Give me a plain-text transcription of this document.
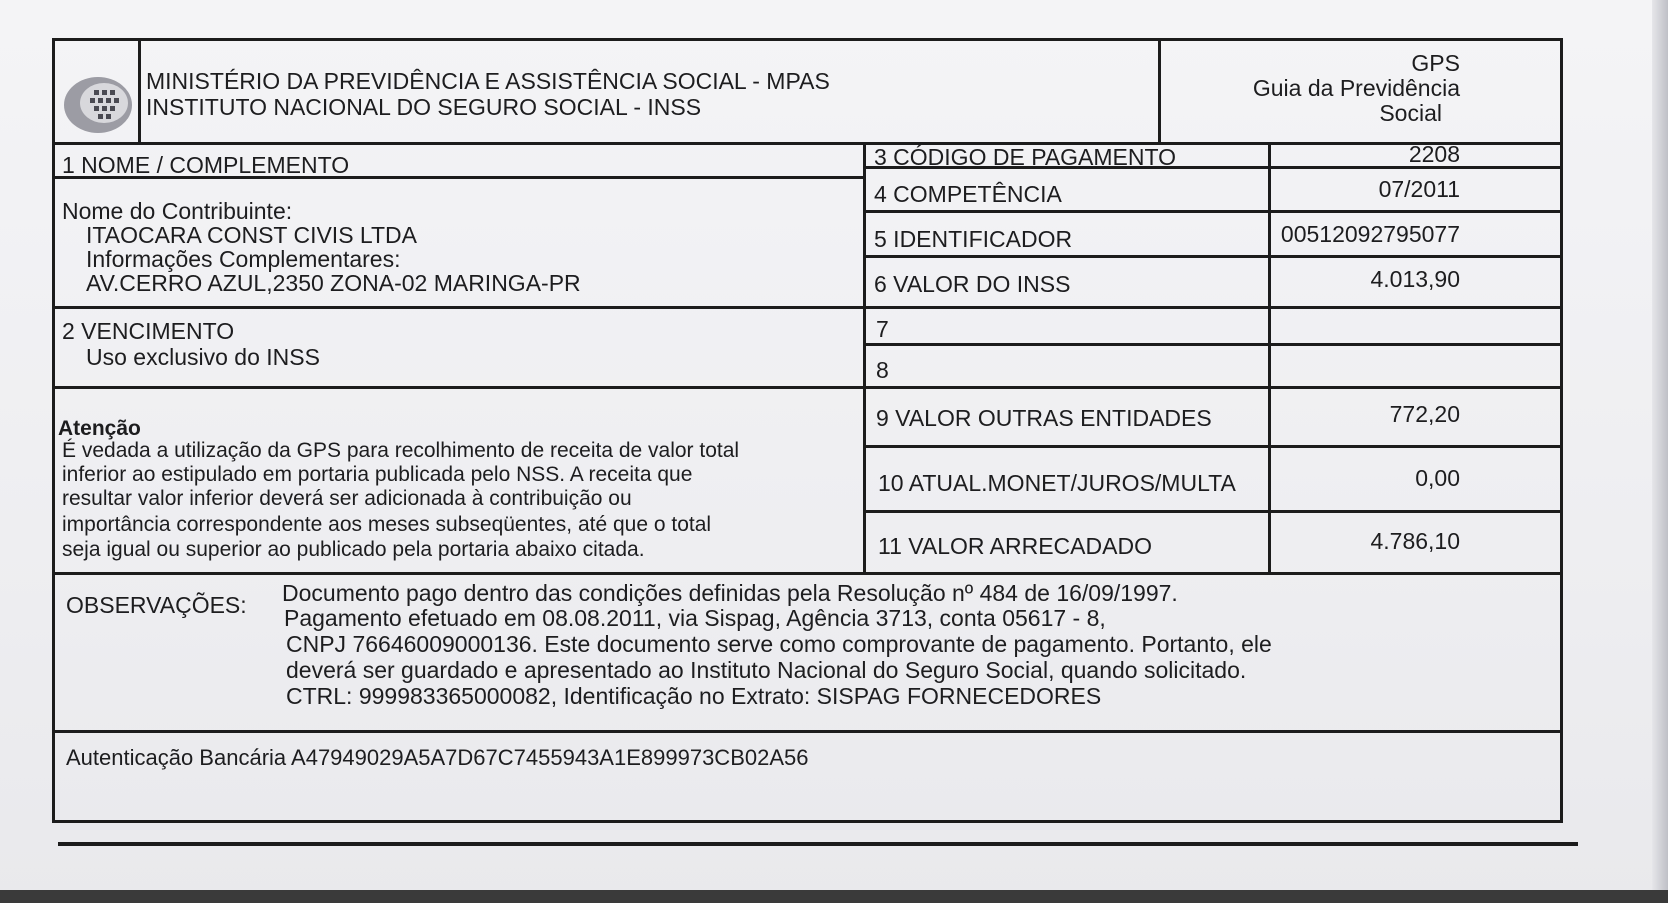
MINISTÉRIO DA PREVIDÊNCIA E ASSISTÊNCIA SOCIAL - MPAS
INSTITUTO NACIONAL DO SEGURO SOCIAL - INSS
GPS
Guia da Previdência
Social
1 NOME / COMPLEMENTO
Nome do Contribuinte:
ITAOCARA CONST CIVIS LTDA
Informações Complementares:
AV.CERRO AZUL,2350 ZONA-02 MARINGA-PR
2 VENCIMENTO
Uso exclusivo do INSS
3 CÓDIGO DE PAGAMENTO	2208
4 COMPETÊNCIA	07/2011
5 IDENTIFICADOR	00512092795077
6 VALOR DO INSS	4.013,90
7
8
9 VALOR OUTRAS ENTIDADES	772,20
10 ATUAL.MONET/JUROS/MULTA	0,00
11 VALOR ARRECADADO	4.786,10
Atenção
É vedada a utilização da GPS para recolhimento de receita de valor total
inferior ao estipulado em portaria publicada pelo NSS. A receita que
resultar valor inferior deverá ser adicionada à contribuição ou
importância correspondente aos meses subseqüentes, até que o total
seja igual ou superior ao publicado pela portaria abaixo citada.
OBSERVAÇÕES: Documento pago dentro das condições definidas pela Resolução nº 484 de 16/09/1997.
Pagamento efetuado em 08.08.2011, via Sispag, Agência 3713, conta 05617 - 8,
CNPJ 76646009000136. Este documento serve como comprovante de pagamento. Portanto, ele
deverá ser guardado e apresentado ao Instituto Nacional do Seguro Social, quando solicitado.
CTRL: 999983365000082, Identificação no Extrato: SISPAG FORNECEDORES
Autenticação Bancária A47949029A5A7D67C7455943A1E899973CB02A56
